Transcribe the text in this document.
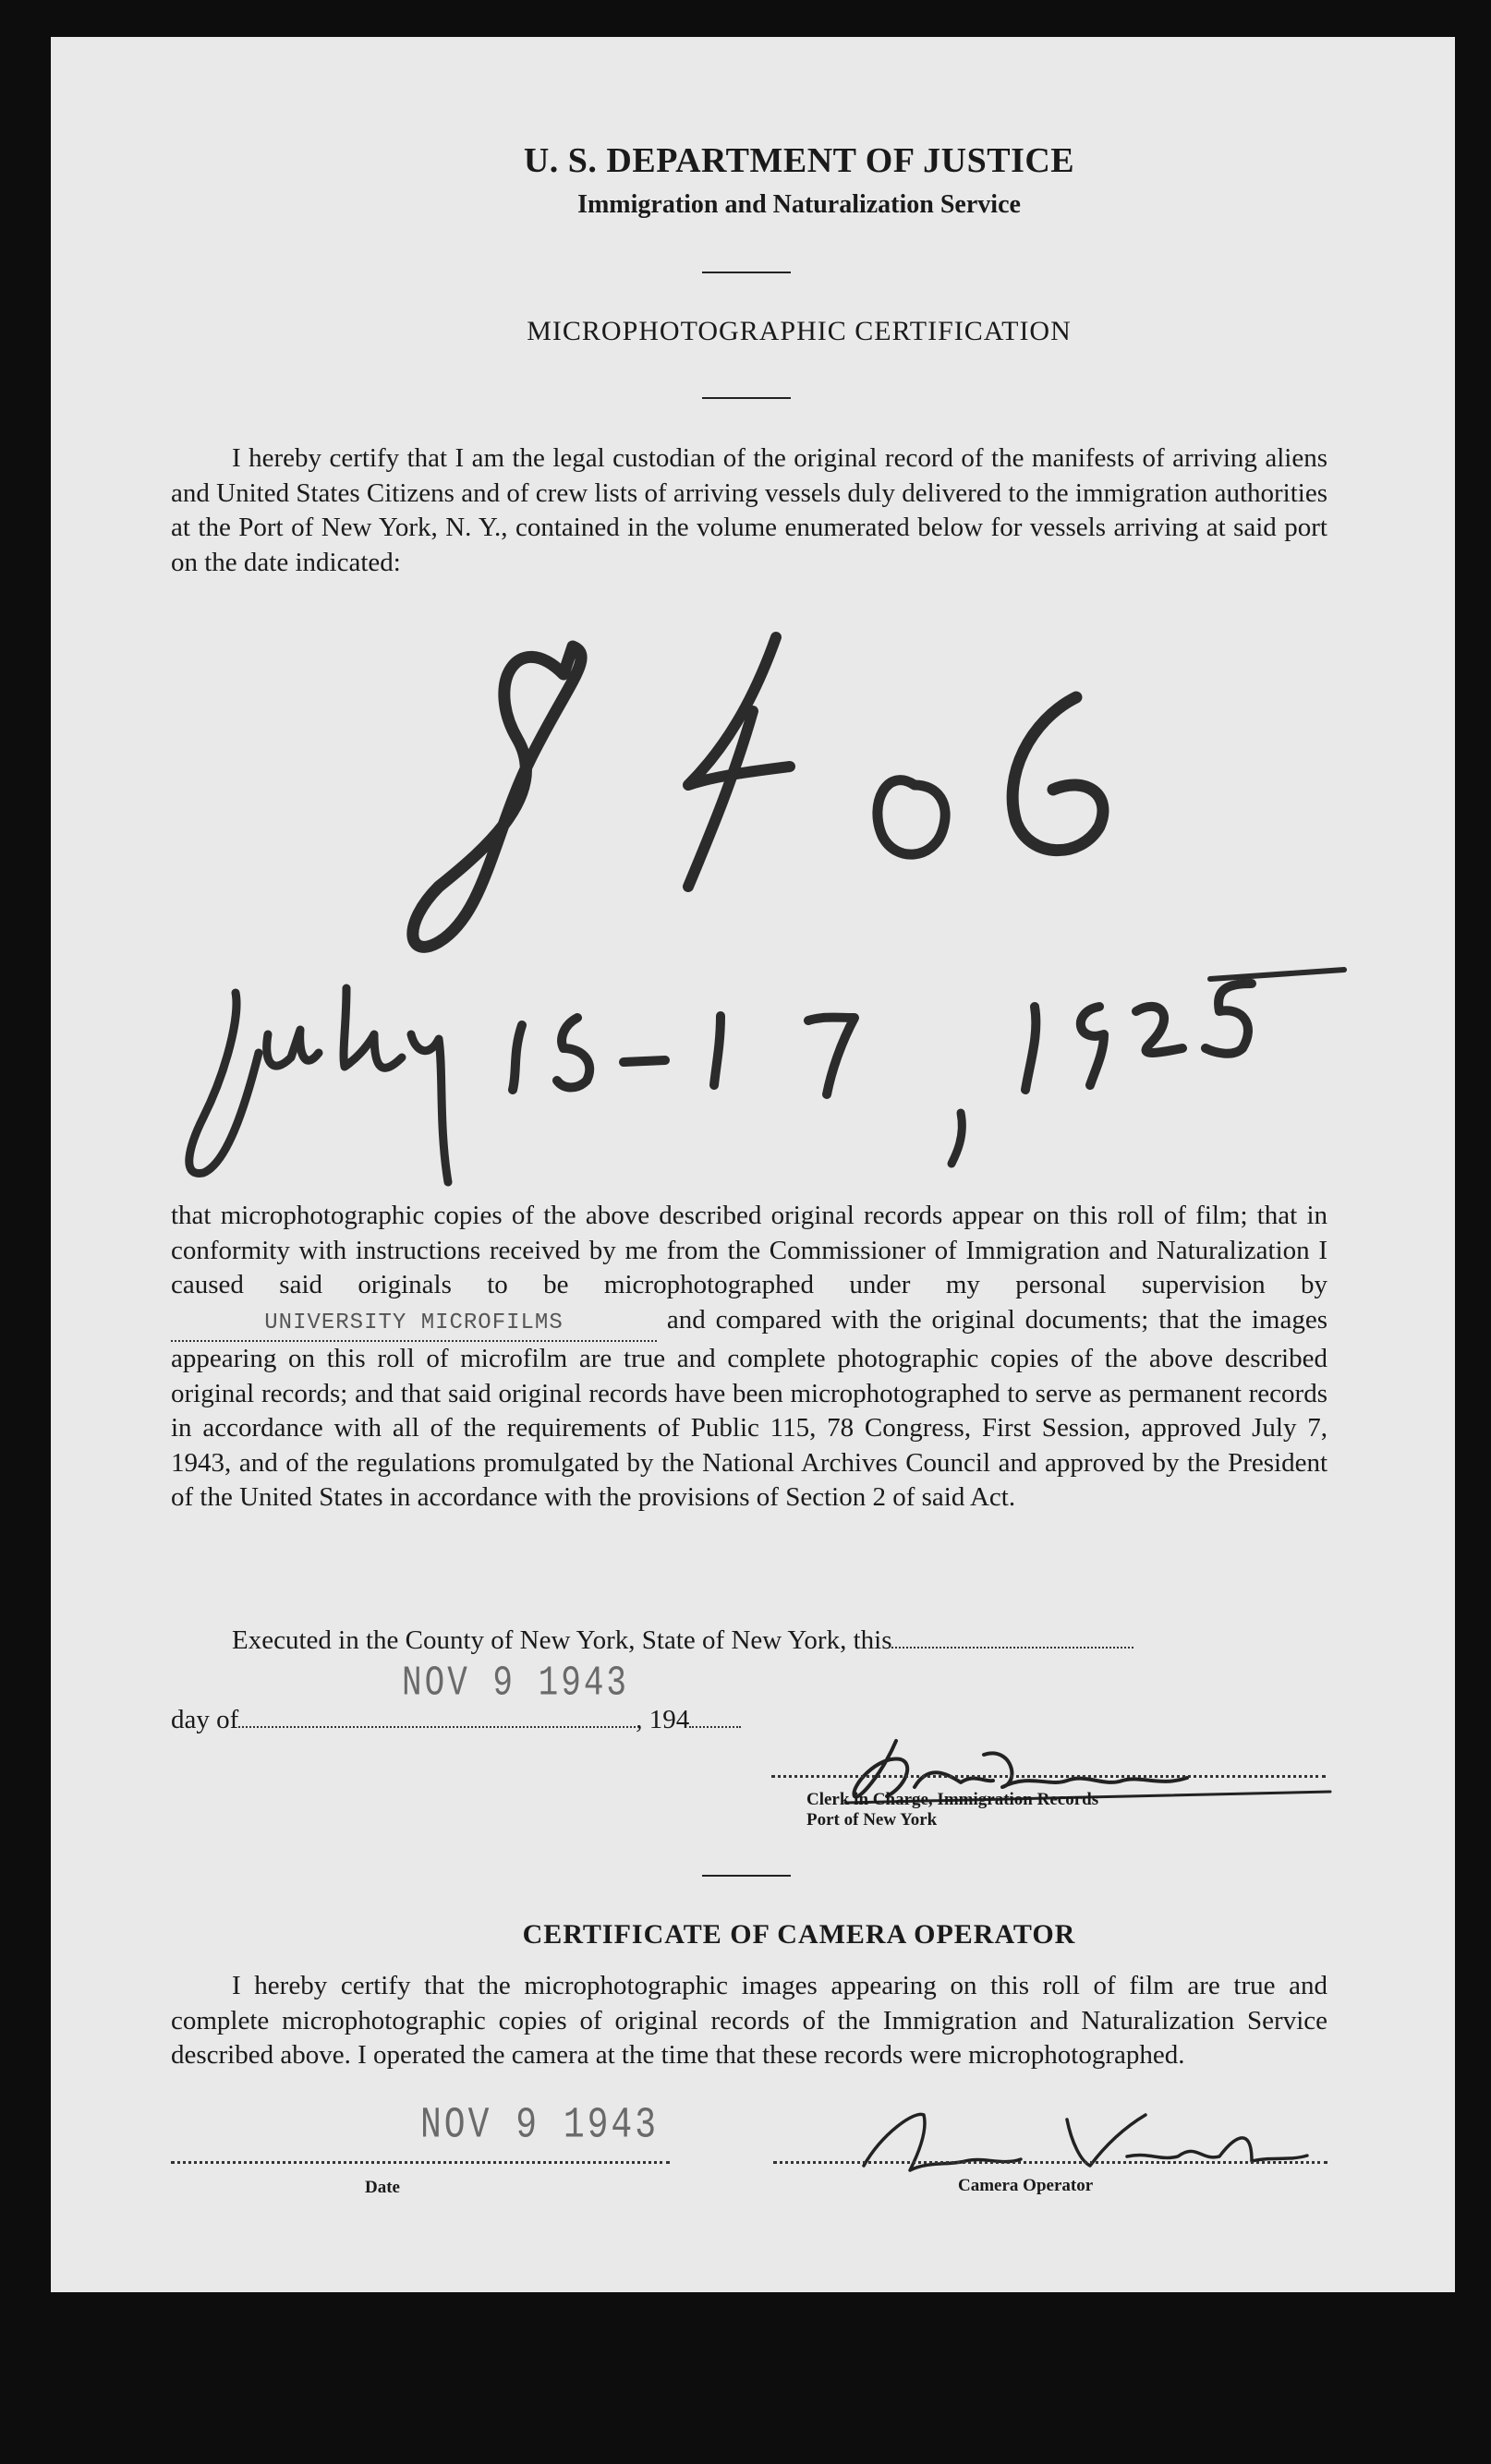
U. S. DEPARTMENT OF JUSTICE
Immigration and Naturalization Service
MICROPHOTOGRAPHIC CERTIFICATION
I hereby certify that I am the legal custodian of the original record of the manifests of arriving aliens and United States Citizens and of crew lists of arriving vessels duly delivered to the immigration authorities at the Port of New York, N. Y., contained in the volume enumerated below for vessels arriving at said port on the date indicated:
that microphotographic copies of the above described original records appear on this roll of film; that in conformity with instructions received by me from the Commissioner of Immigration and Naturalization I caused said originals to be microphotographed under my personal supervision byUNIVERSITY MICROFILMS	and compared with the original documents; that the images appearing on this roll of microfilm are true and complete photographic copies of the above described original records; and that said original records have been microphotographed to serve as permanent records in accordance with all of the requirements of Public 115, 78 Congress, First Session, approved July 7, 1943, and of the regulations promulgated by the National Archives Council and approved by the President of the United States in accordance with the provisions of Section 2 of said Act.
Executed in the County of New York, State of New York, this
day of	, 194
NOV 9 1943
Clerk in Charge, Immigration Records
Port of New York
CERTIFICATE OF CAMERA OPERATOR
I hereby certify that the microphotographic images appearing on this roll of film are true and complete microphotographic copies of original records of the Immigration and Naturalization Service described above. I operated the camera at the time that these records were microphotographed.
NOV 9 1943
Date	Camera Operator
